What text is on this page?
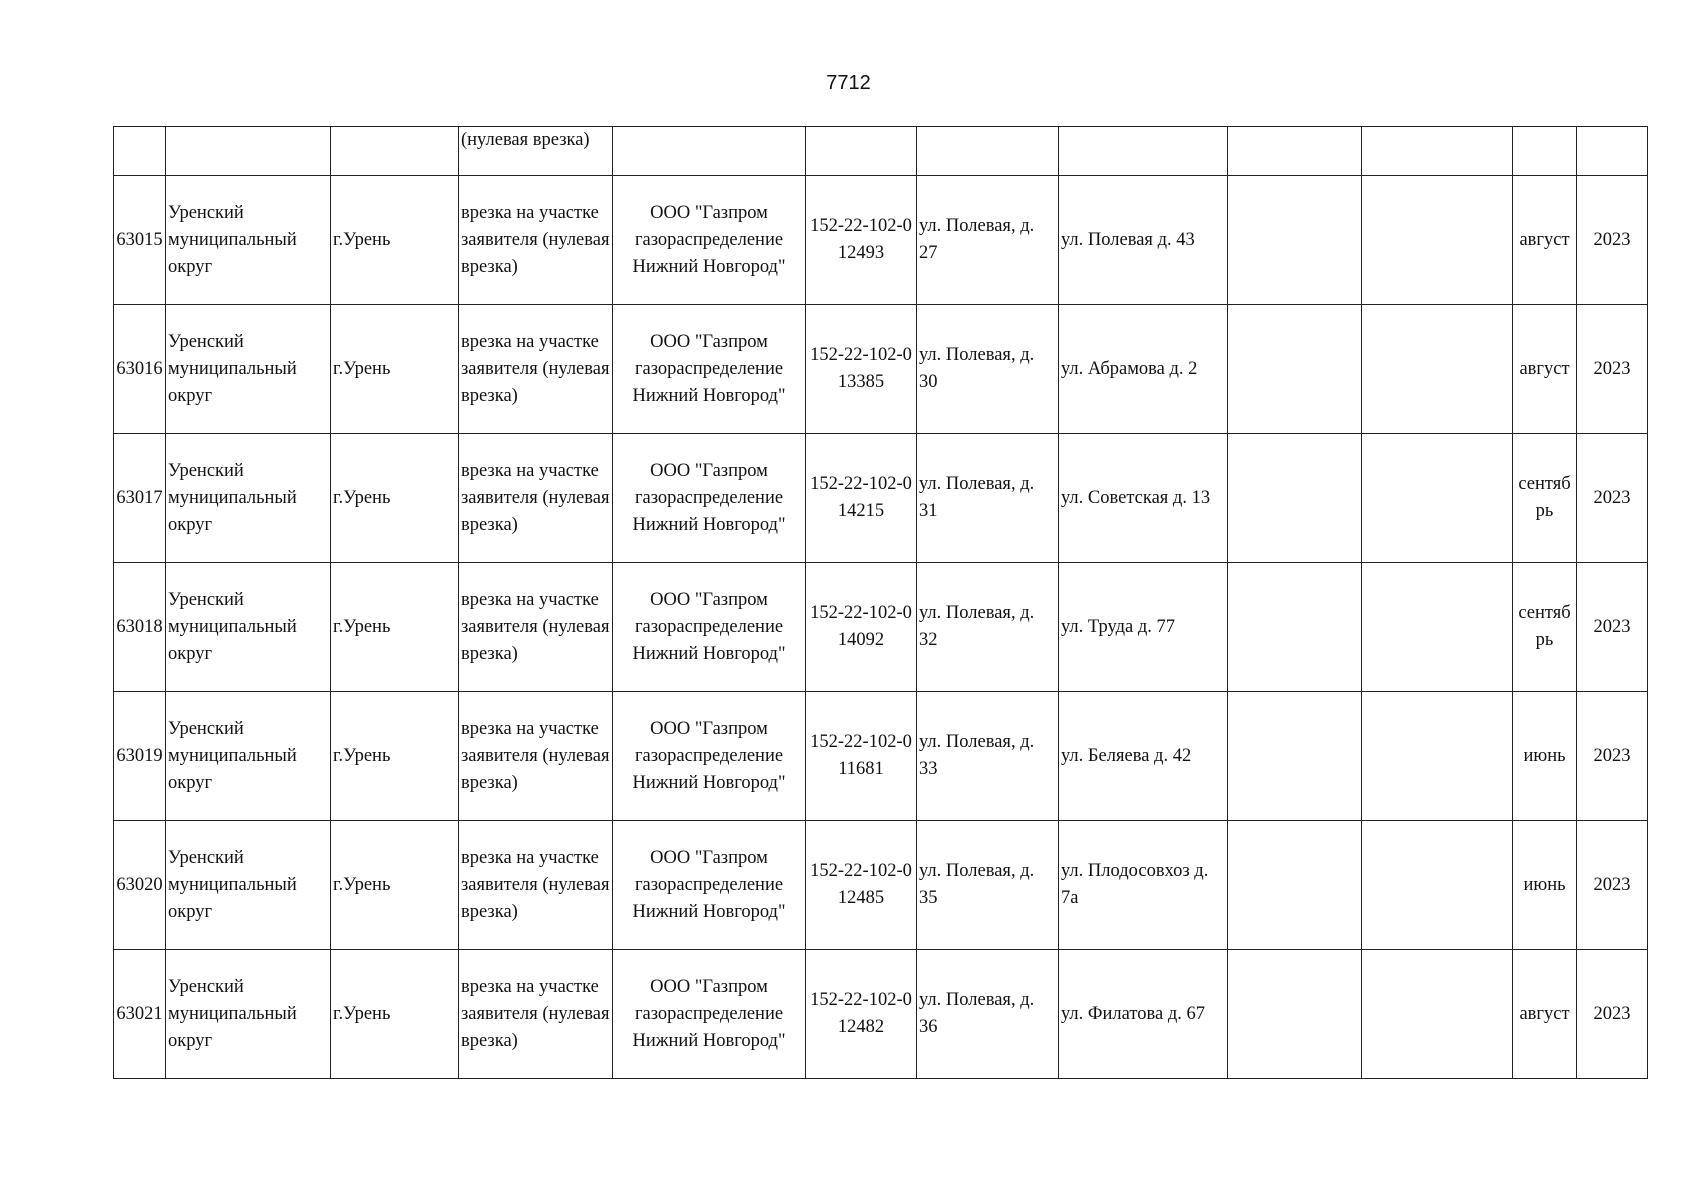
7712
			(нулевая врезка)								
63015	Уренский муниципальный округ	г.Урень	врезка на участке заявителя (нулевая врезка)	ООО "Газпром газораспределение Нижний Новгород"	152-22-102-012493	ул. Полевая, д. 27	ул. Полевая д. 43			август	2023
63016	Уренский муниципальный округ	г.Урень	врезка на участке заявителя (нулевая врезка)	ООО "Газпром газораспределение Нижний Новгород"	152-22-102-013385	ул. Полевая, д. 30	ул. Абрамова д. 2			август	2023
63017	Уренский муниципальный округ	г.Урень	врезка на участке заявителя (нулевая врезка)	ООО "Газпром газораспределение Нижний Новгород"	152-22-102-014215	ул. Полевая, д. 31	ул. Советская д. 13			сентябрь	2023
63018	Уренский муниципальный округ	г.Урень	врезка на участке заявителя (нулевая врезка)	ООО "Газпром газораспределение Нижний Новгород"	152-22-102-014092	ул. Полевая, д. 32	ул. Труда д. 77			сентябрь	2023
63019	Уренский муниципальный округ	г.Урень	врезка на участке заявителя (нулевая врезка)	ООО "Газпром газораспределение Нижний Новгород"	152-22-102-011681	ул. Полевая, д. 33	ул. Беляева д. 42			июнь	2023
63020	Уренский муниципальный округ	г.Урень	врезка на участке заявителя (нулевая врезка)	ООО "Газпром газораспределение Нижний Новгород"	152-22-102-012485	ул. Полевая, д. 35	ул. Плодосовхоз д. 7а			июнь	2023
63021	Уренский муниципальный округ	г.Урень	врезка на участке заявителя (нулевая врезка)	ООО "Газпром газораспределение Нижний Новгород"	152-22-102-012482	ул. Полевая, д. 36	ул. Филатова д. 67			август	2023
